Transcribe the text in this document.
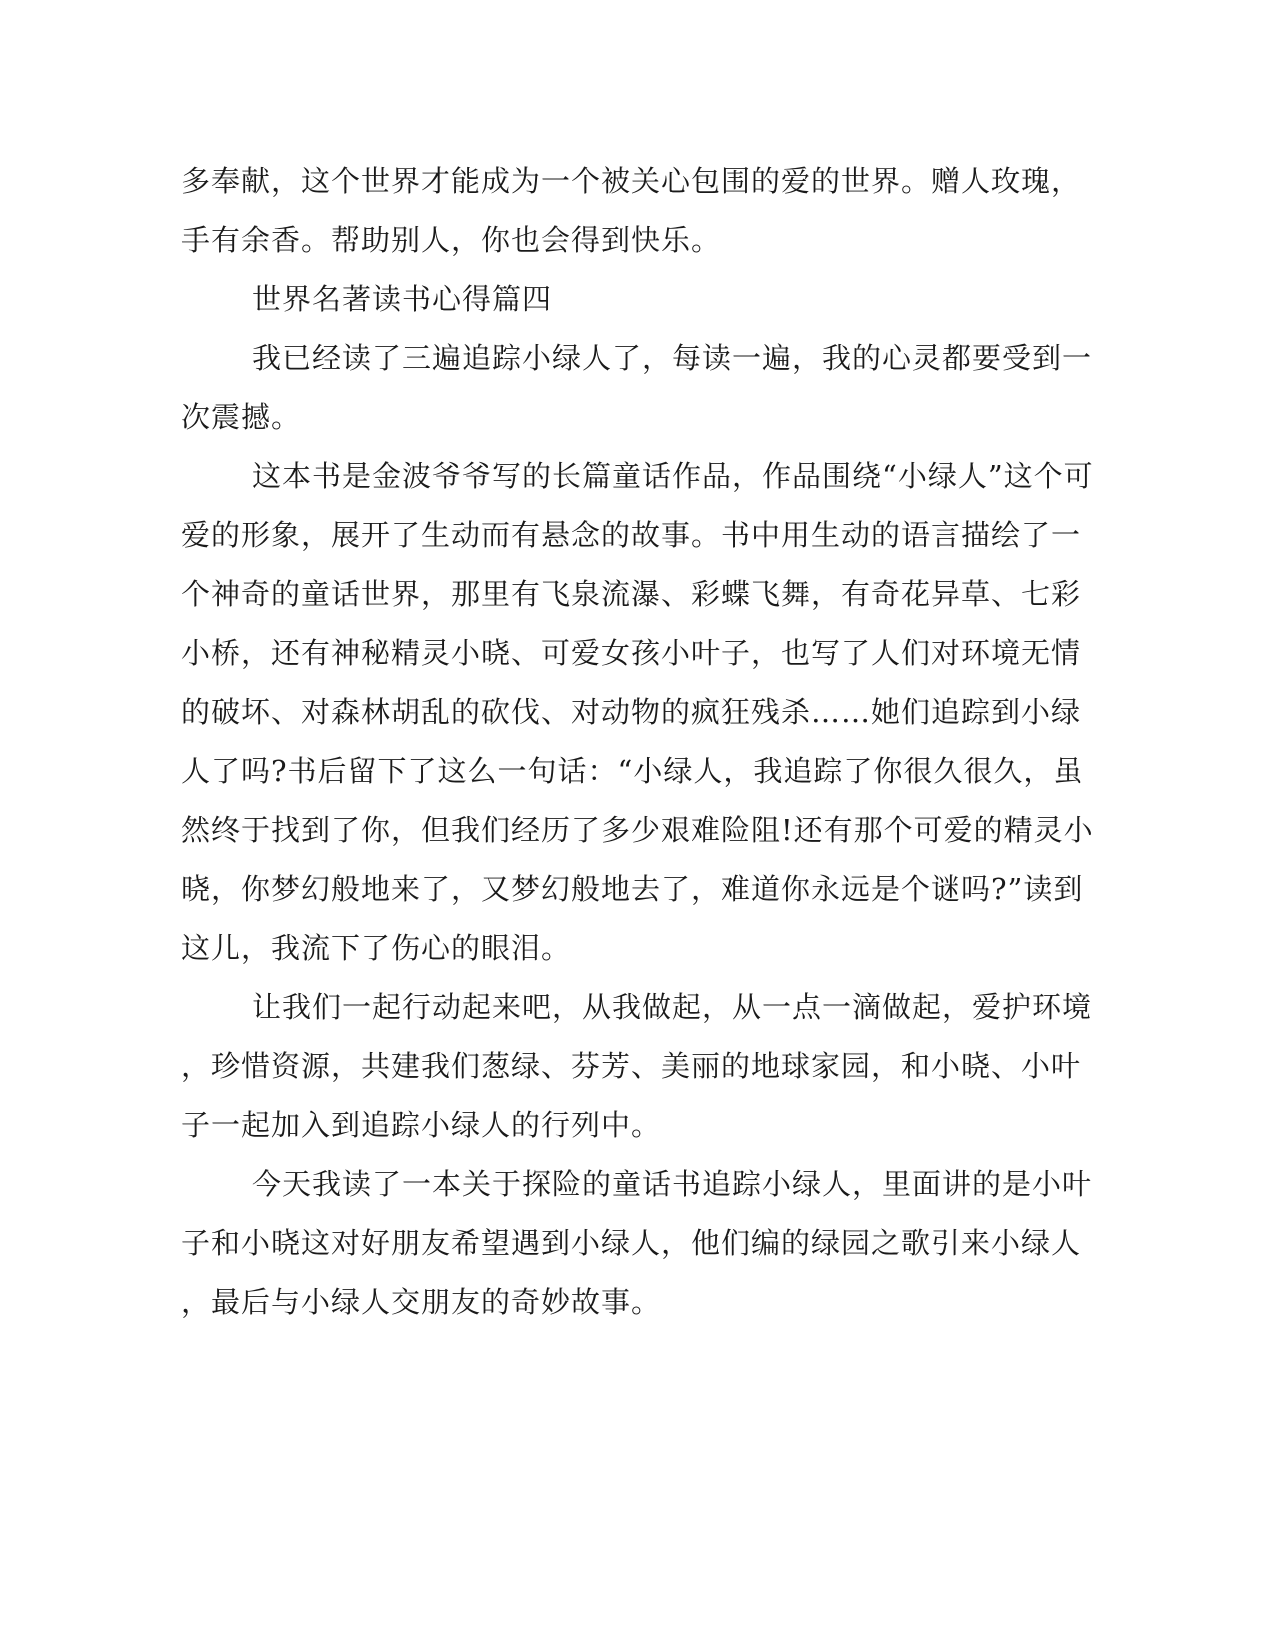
多奉献，这个世界才能成为一个被关心包围的爱的世界。赠人玫瑰，
手有余香。帮助别人，你也会得到快乐。
世界名著读书心得篇四
我已经读了三遍追踪小绿人了，每读一遍，我的心灵都要受到一
次震撼。
这本书是金波爷爷写的长篇童话作品，作品围绕“小绿人”这个可
爱的形象，展开了生动而有悬念的故事。书中用生动的语言描绘了一
个神奇的童话世界，那里有飞泉流瀑、彩蝶飞舞，有奇花异草、七彩
小桥，还有神秘精灵小晓、可爱女孩小叶子，也写了人们对环境无情
的破坏、对森林胡乱的砍伐、对动物的疯狂残杀……她们追踪到小绿
人了吗?书后留下了这么一句话：“小绿人，我追踪了你很久很久，虽
然终于找到了你，但我们经历了多少艰难险阻!还有那个可爱的精灵小
晓，你梦幻般地来了，又梦幻般地去了，难道你永远是个谜吗?”读到
这儿，我流下了伤心的眼泪。
让我们一起行动起来吧，从我做起，从一点一滴做起，爱护环境
，珍惜资源，共建我们葱绿、芬芳、美丽的地球家园，和小晓、小叶
子一起加入到追踪小绿人的行列中。
今天我读了一本关于探险的童话书追踪小绿人，里面讲的是小叶
子和小晓这对好朋友希望遇到小绿人，他们编的绿园之歌引来小绿人
，最后与小绿人交朋友的奇妙故事。
